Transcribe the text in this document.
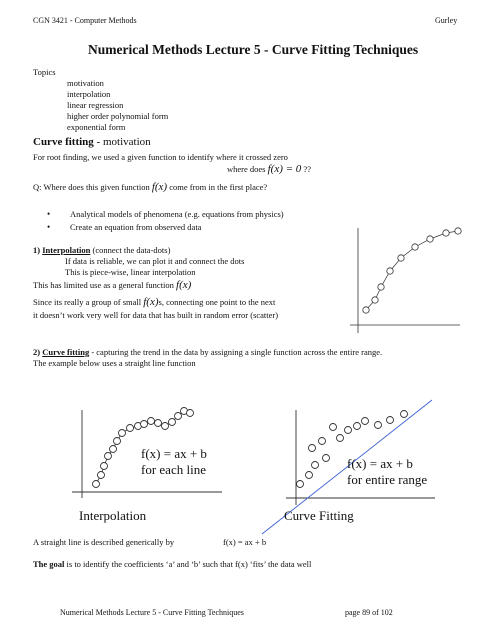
CGN 3421 - Computer Methods	Gurley
Numerical Methods Lecture 5 - Curve Fitting Techniques
Topics
motivation
interpolation
linear regression
higher order polynomial form
exponential form
Curve fitting - motivation
For root finding, we used a given function to identify where it crossed zero
where does f(x) = 0 ??
Q: Where does this given function f(x) come from in the first place?
• Analytical models of phenomena (e.g. equations from physics)
• Create an equation from observed data
1) Interpolation (connect the data-dots)
If data is reliable, we can plot it and connect the dots
This is piece-wise, linear interpolation
This has limited use as a general function f(x)
Since its really a group of small f(x)s, connecting one point to the next
it doesn’t work very well for data that has built in random error (scatter)
2) Curve fitting - capturing the trend in the data by assigning a single function across the entire range.
The example below uses a straight line function
f(x) = ax + b
for each line
Interpolation
f(x) = ax + b
for entire range
Curve Fitting
A straight line is described generically by	f(x) = ax + b
The goal is to identify the coefficients ‘a’ and ‘b’ such that f(x) ‘fits’ the data well
Numerical Methods Lecture 5 - Curve Fitting Techniques	page 89 of 102
